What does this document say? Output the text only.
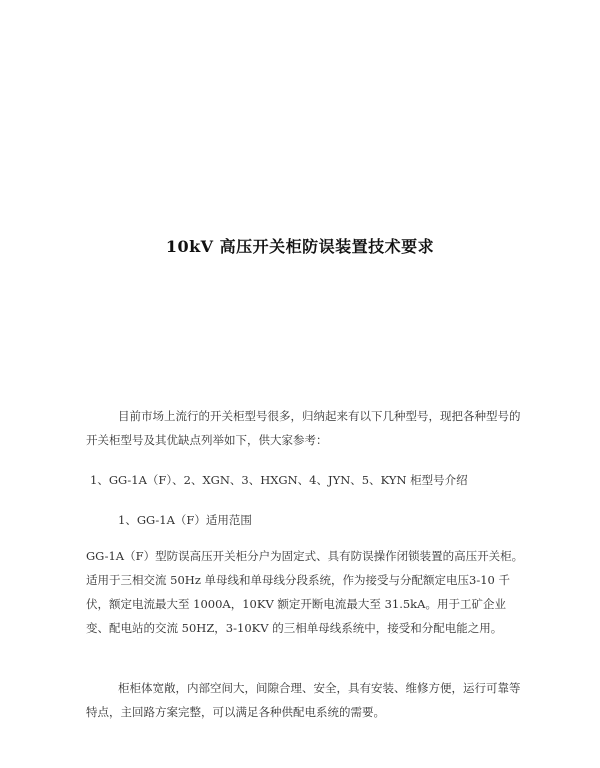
10kV 高压开关柜防误装置技术要求

目前市场上流行的开关柜型号很多，归纳起来有以下几种型号，现把各种型号的开关柜型号及其优缺点列举如下，供大家参考：

1、GG-1A（F）、2、XGN、3、HXGN、4、JYN、5、KYN 柜型号介绍

1、GG-1A（F）适用范围

GG-1A（F）型防误高压开关柜分户为固定式、具有防误操作闭锁装置的高压开关柜。适用于三相交流 50Hz 单母线和单母线分段系统，作为接受与分配额定电压3-10 千伏，额定电流最大至 1000A，10KV 额定开断电流最大至 31.5kA。用于工矿企业变、配电站的交流 50HZ，3-10KV 的三相单母线系统中，接受和分配电能之用。

柜柜体宽敞，内部空间大，间隙合理、安全，具有安装、维修方便，运行可靠等特点，主回路方案完整，可以满足各种供配电系统的需要。
